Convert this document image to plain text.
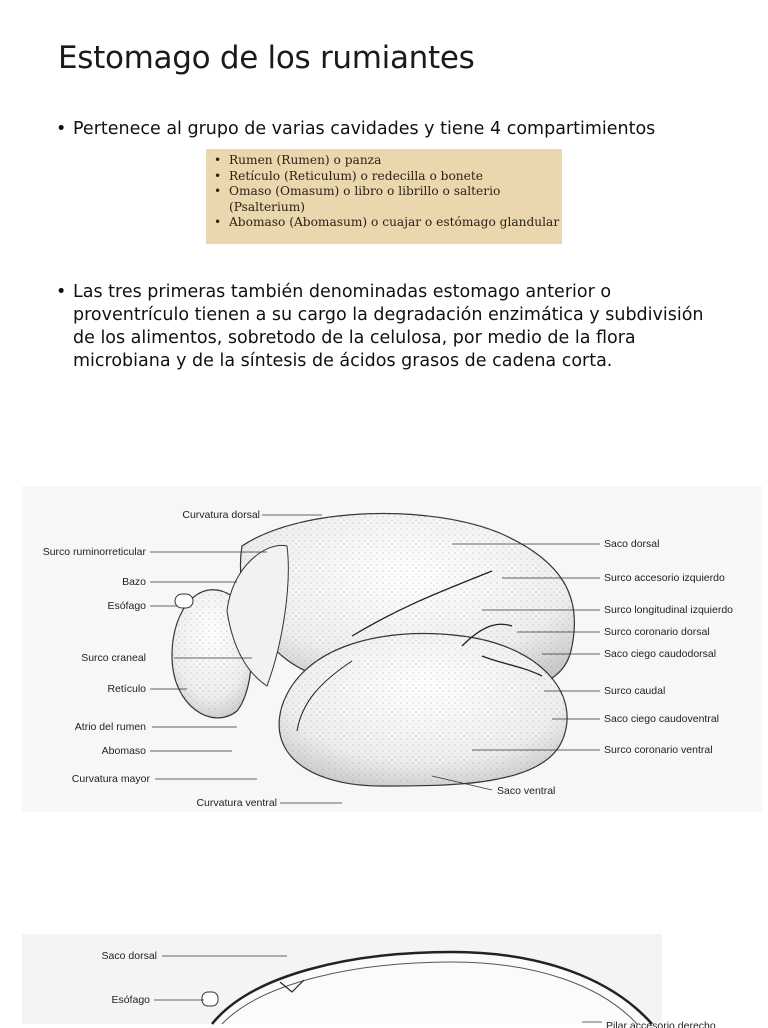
Estomago de los rumiantes
• Pertenece al grupo de varias cavidades y tiene 4 compartimientos
• Rumen (Rumen) o panza
• Retículo (Reticulum) o redecilla o bonete
• Omaso (Omasum) o libro o librillo o salterio
(Psalterium)
• Abomaso (Abomasum) o cuajar o estómago glandular
• Las tres primeras también denominadas estomago anterior o proventrículo tienen a su cargo la degradación enzimática y subdivisión de los alimentos, sobretodo de la celulosa, por medio de la flora microbiana y de la síntesis de ácidos grasos de cadena corta.
Curvatura dorsal
Surco ruminorreticular
Bazo
Esófago
Surco craneal
Retículo
Atrio del rumen
Abomaso
Curvatura mayor
Curvatura ventral
Saco dorsal
Surco accesorio izquierdo
Surco longitudinal izquierdo
Surco coronario dorsal
Saco ciego caudodorsal
Surco caudal
Saco ciego caudoventral
Surco coronario ventral
Saco ventral
Saco dorsal
Esófago
Pilar accesorio derecho
